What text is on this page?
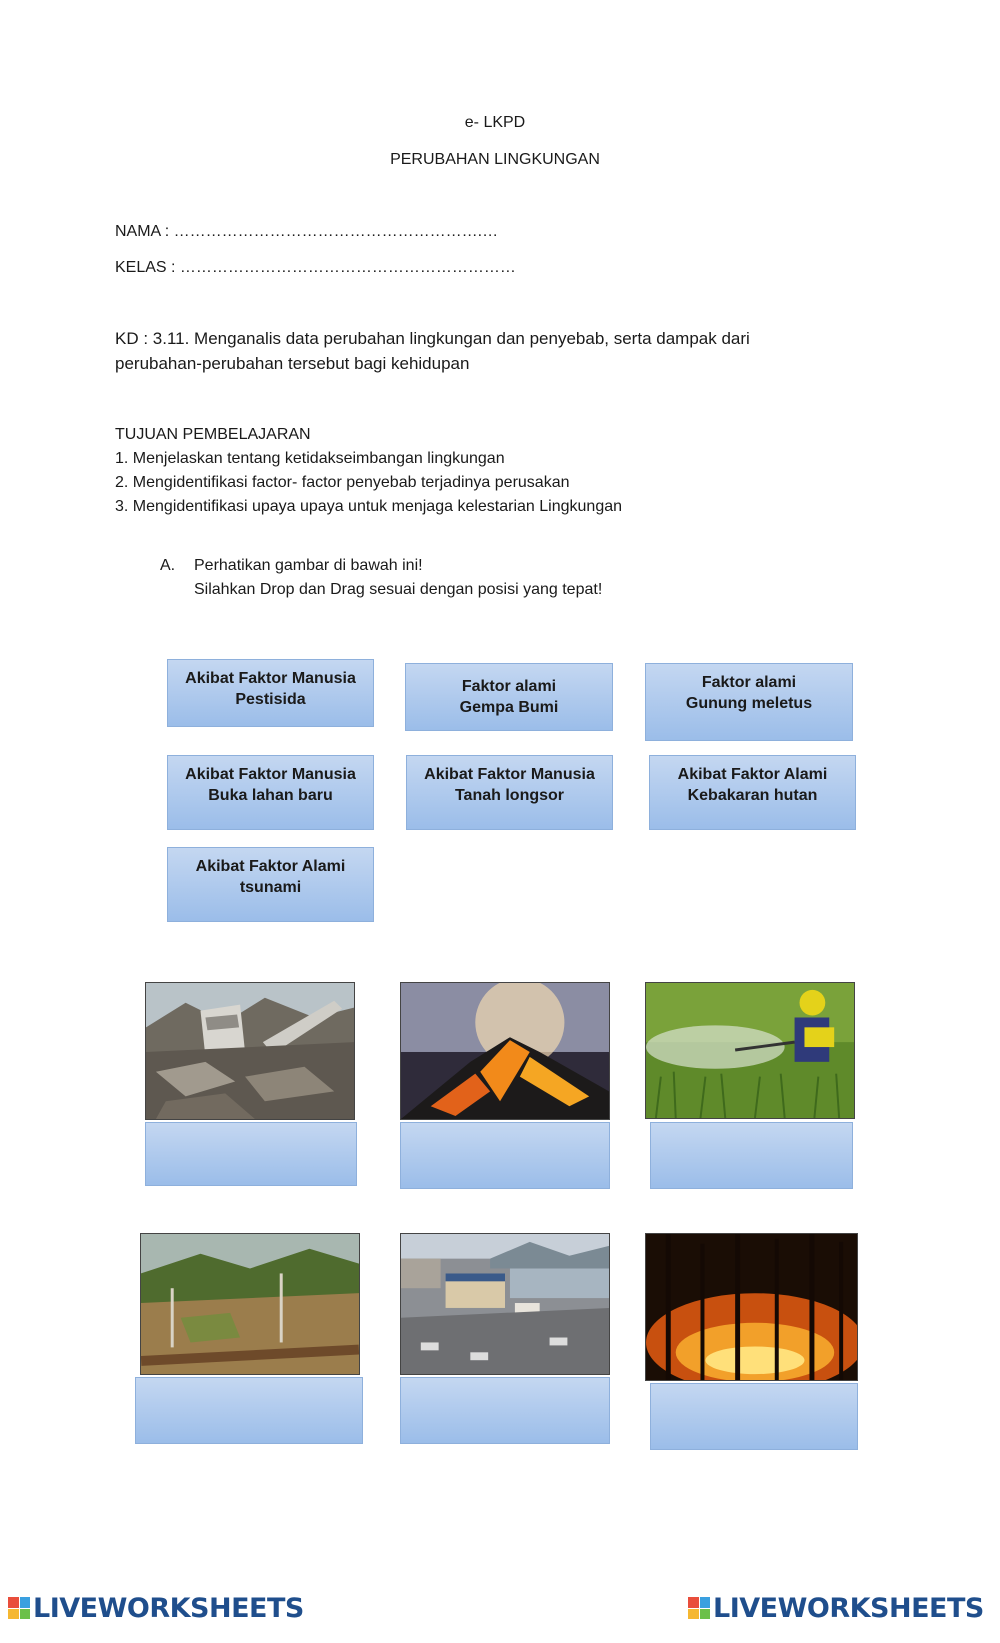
e- LKPD
PERUBAHAN LINGKUNGAN
NAMA : ………………………………………………….…
KELAS : ………………………………………………………
KD : 3.11. Menganalis data perubahan lingkungan dan penyebab, serta dampak dari
perubahan-perubahan tersebut bagi kehidupan
TUJUAN PEMBELAJARAN
1. Menjelaskan tentang ketidakseimbangan lingkungan
2. Mengidentifikasi factor- factor penyebab terjadinya perusakan
3. Mengidentifikasi upaya upaya untuk menjaga kelestarian Lingkungan
A. Perhatikan gambar di bawah ini!
Silahkan Drop dan Drag sesuai dengan posisi yang tepat!
Akibat Faktor Manusia
Pestisida
Faktor alami
Gempa Bumi
Faktor alami
Gunung meletus
Akibat Faktor Manusia
Buka lahan baru
Akibat Faktor Manusia
Tanah longsor
Akibat Faktor Alami
Kebakaran hutan
Akibat Faktor Alami
tsunami
LIVEWORKSHEETS	LIVEWORKSHEETS
